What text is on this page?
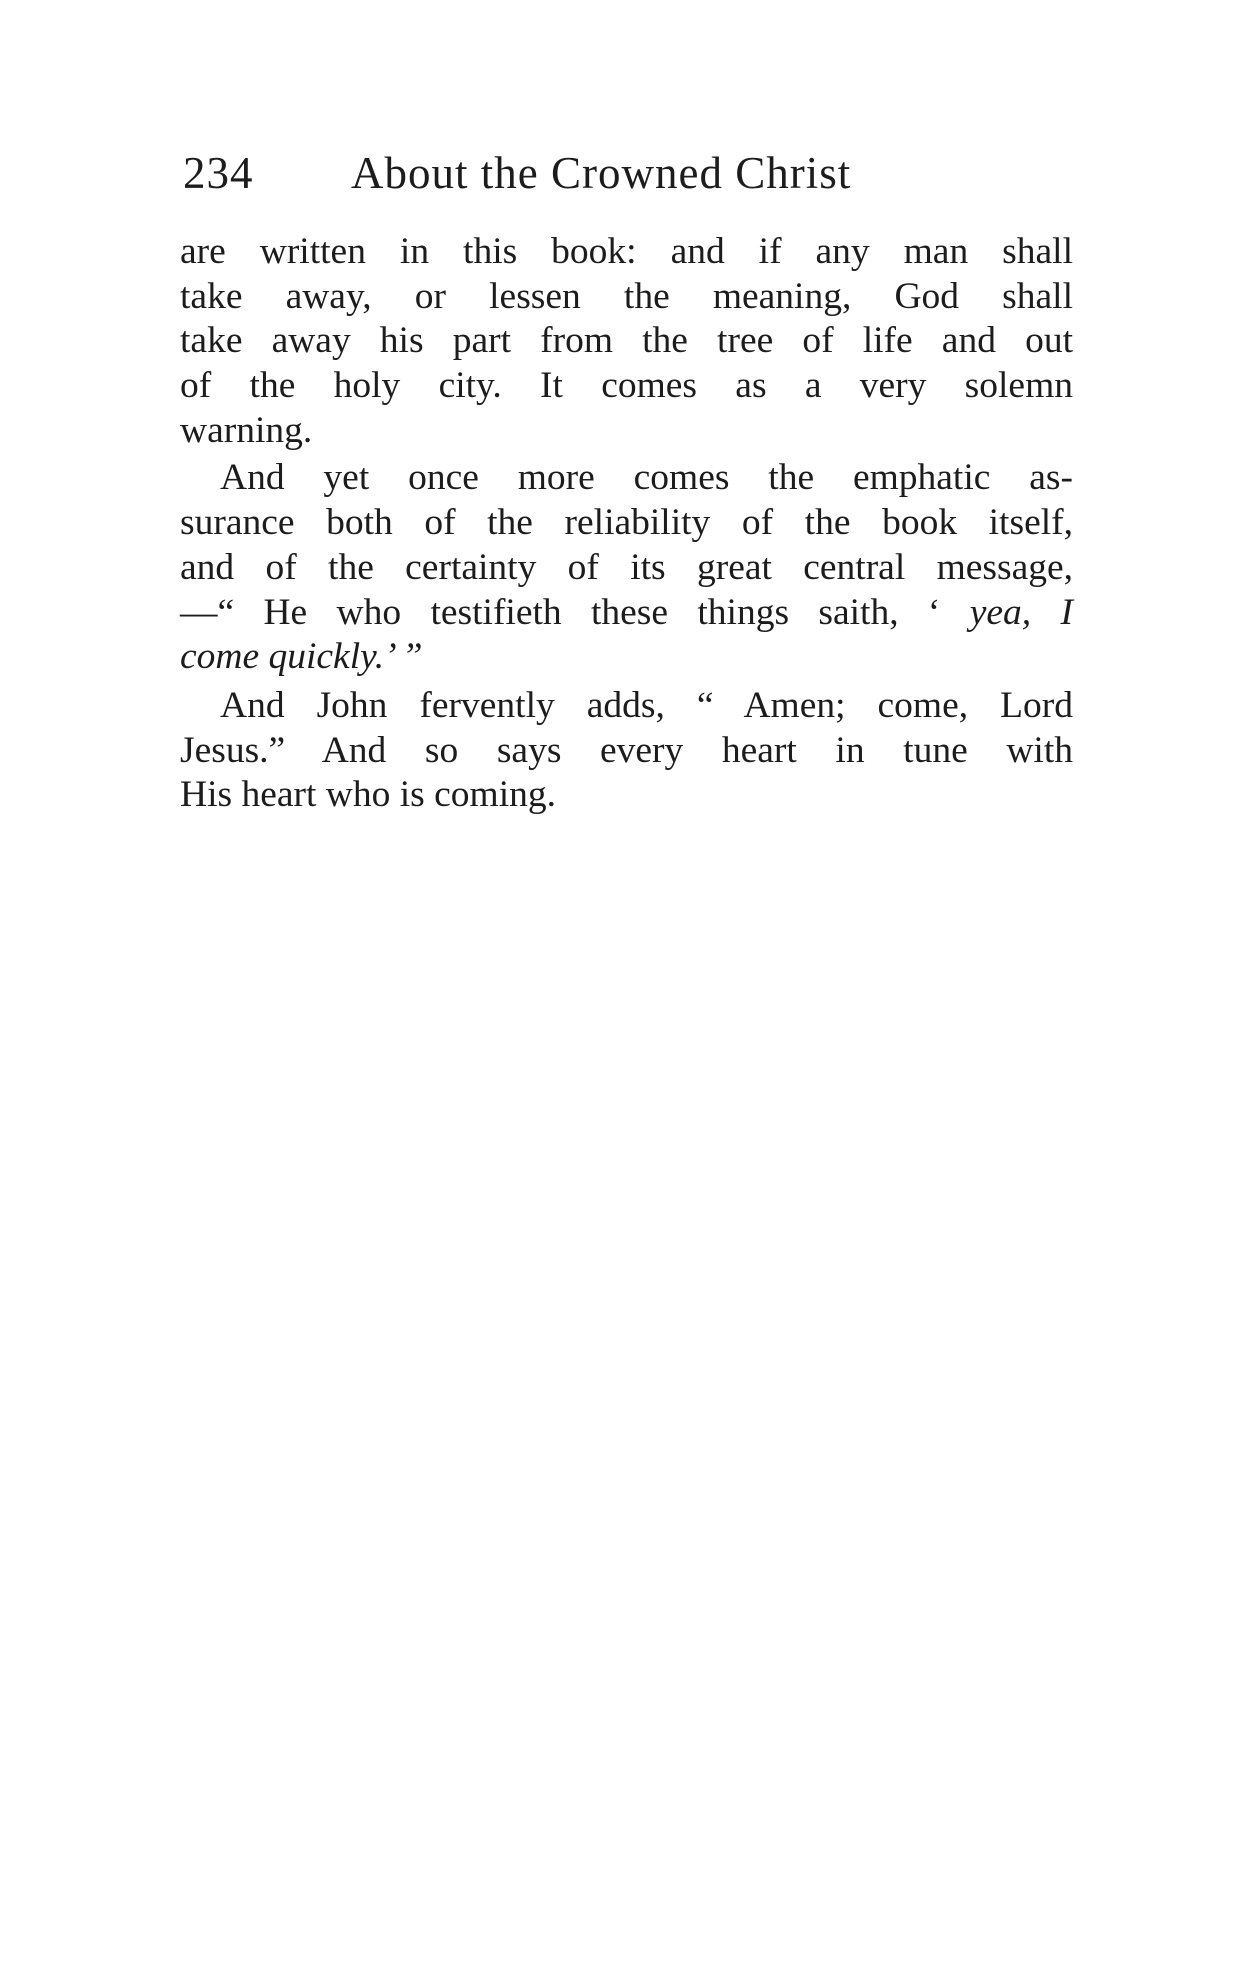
234 About the Crowned Christ
are written in this book: and if any man shall
take away, or lessen the meaning, God shall
take away his part from the tree of life and out
of the holy city. It comes as a very solemn
warning.
And yet once more comes the emphatic as-
surance both of the reliability of the book itself,
and of the certainty of its great central message,
—“ He who testifieth these things saith, ‘ yea, I
come quickly.’ ”
And John fervently adds, “ Amen; come, Lord
Jesus.” And so says every heart in tune with
His heart who is coming.
